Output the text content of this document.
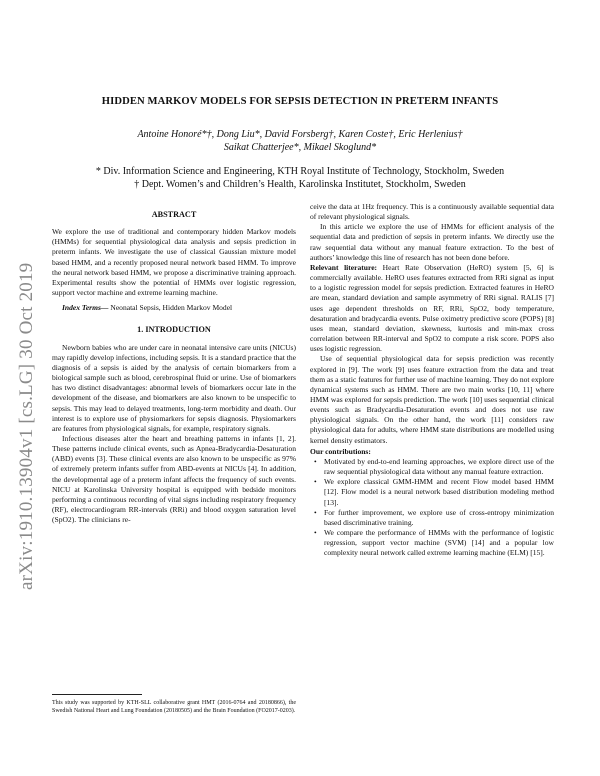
arXiv:1910.13904v1 [cs.LG] 30 Oct 2019
HIDDEN MARKOV MODELS FOR SEPSIS DETECTION IN PRETERM INFANTS
Antoine Honoré*†, Dong Liu*, David Forsberg†, Karen Coste†, Eric Herlenius†
Saikat Chatterjee*, Mikael Skoglund*
* Div. Information Science and Engineering, KTH Royal Institute of Technology, Stockholm, Sweden
† Dept. Women’s and Children’s Health, Karolinska Institutet, Stockholm, Sweden
ABSTRACT

We explore the use of traditional and contemporary hidden Markov models (HMMs) for sequential physiological data analysis and sepsis prediction in preterm infants. We investigate the use of classical Gaussian mixture model based HMM, and a recently proposed neural network based HMM. To improve the neural network based HMM, we propose a discriminative training approach. Experimental results show the potential of HMMs over logistic regression, support vector machine and extreme learning machine.

Index Terms— Neonatal Sepsis, Hidden Markov Model

1. INTRODUCTION

Newborn babies who are under care in neonatal intensive care units (NICUs) may rapidly develop infections, including sepsis. It is a standard practice that the diagnosis of a sepsis is aided by the analysis of certain biomarkers from a biological sample such as blood, cerebrospinal fluid or urine. Use of biomarkers has two distinct disadvantages: abnormal levels of biomarkers occur late in the development of the disease, and biomarkers are also known to be unspecific to sepsis. This may lead to delayed treatments, long-term morbidity and death. Our interest is to explore use of physiomarkers for sepsis diagnosis. Physiomarkers are features from physiological signals, for example, respiratory signals.

Infectious diseases alter the heart and breathing patterns in infants [1, 2]. These patterns include clinical events, such as Apnea-Bradycardia-Desaturation (ABD) events [3]. These clinical events are also known to be unspecific as 97% of extremely preterm infants suffer from ABD-events at NICUs [4]. In addition, the developmental age of a preterm infant affects the frequency of such events. NICU at Karolinska University hospital is equipped with bedside monitors performing a continuous recording of vital signs including respiratory frequency (RF), electrocardiogram RR-intervals (RRi) and blood oxygen saturation level (SpO2). The clinicians re-

This study was supported by KTH-SLL collaborative grant HMT (2016-0764 and 20180866), the Swedish National Heart and Lung Foundation (20180505) and the Brain Foundation (FO2017-0203).

ceive the data at 1Hz frequency. This is a continuously available sequential data of relevant physiological signals.

In this article we explore the use of HMMs for efficient analysis of the sequential data and prediction of sepsis in preterm infants. We directly use the raw sequential data without any manual feature extraction. To the best of authors’ knowledge this line of research has not been done before.

Relevant literature: Heart Rate Observation (HeRO) system [5, 6] is commercially available. HeRO uses features extracted from RRi signal as input to a logistic regression model for sepsis prediction. Extracted features in HeRO are mean, standard deviation and sample asymmetry of RRi signal. RALIS [7] uses age dependent thresholds on RF, RRi, SpO2, body temperature, desaturation and bradycardia events. Pulse oximetry predictive score (POPS) [8] uses mean, standard deviation, skewness, kurtosis and min-max cross correlation between RR-interval and SpO2 to compute a risk score. POPS also uses logistic regression.

Use of sequential physiological data for sepsis prediction was recently explored in [9]. The work [9] uses feature extraction from the data and treat them as a static features for further use of machine learning. They do not explore dynamical systems such as HMM. There are two main works [10, 11] where HMM was explored for sepsis prediction. The work [10] uses sequential clinical events such as Bradycardia-Desaturation events and does not use raw physiological signals. On the other hand, the work [11] considers raw physiological data for adults, where HMM state distributions are modelled using kernel density estimators.

Our contributions:
• Motivated by end-to-end learning approaches, we explore direct use of the raw sequential physiological data without any manual feature extraction.
• We explore classical GMM-HMM and recent Flow model based HMM [12]. Flow model is a neural network based distribution modeling method [13].
• For further improvement, we explore use of cross-entropy minimization based discriminative training.
• We compare the performance of HMMs with the performance of logistic regression, support vector machine (SVM) [14] and a popular low complexity neural network called extreme learning machine (ELM) [15].
